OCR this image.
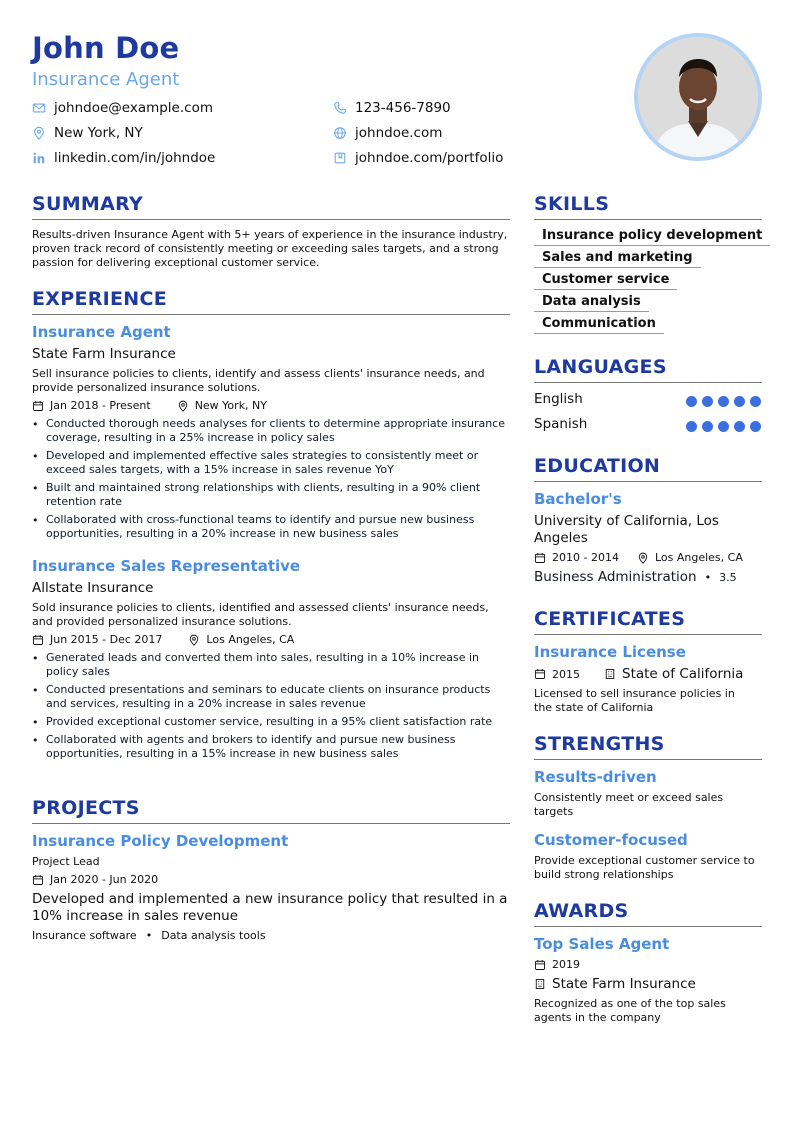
John Doe
Insurance Agent
johndoe@example.com	123-456-7890
New York, NY	johndoe.com
linkedin.com/in/johndoe	johndoe.com/portfolio
SUMMARY
Results-driven Insurance Agent with 5+ years of experience in the insurance industry, proven track record of consistently meeting or exceeding sales targets, and a strong passion for delivering exceptional customer service.
EXPERIENCE
Insurance Agent
State Farm Insurance
Sell insurance policies to clients, identify and assess clients' insurance needs, and provide personalized insurance solutions.
Jan 2018 - Present	New York, NY
• Conducted thorough needs analyses for clients to determine appropriate insurance coverage, resulting in a 25% increase in policy sales
• Developed and implemented effective sales strategies to consistently meet or exceed sales targets, with a 15% increase in sales revenue YoY
• Built and maintained strong relationships with clients, resulting in a 90% client retention rate
• Collaborated with cross-functional teams to identify and pursue new business opportunities, resulting in a 20% increase in new business sales
Insurance Sales Representative
Allstate Insurance
Sold insurance policies to clients, identified and assessed clients' insurance needs, and provided personalized insurance solutions.
Jun 2015 - Dec 2017	Los Angeles, CA
• Generated leads and converted them into sales, resulting in a 10% increase in policy sales
• Conducted presentations and seminars to educate clients on insurance products and services, resulting in a 20% increase in sales revenue
• Provided exceptional customer service, resulting in a 95% client satisfaction rate
• Collaborated with agents and brokers to identify and pursue new business opportunities, resulting in a 15% increase in new business sales
PROJECTS
Insurance Policy Development
Project Lead
Jan 2020 - Jun 2020
Developed and implemented a new insurance policy that resulted in a 10% increase in sales revenue
Insurance software • Data analysis tools
SKILLS
Insurance policy development
Sales and marketing
Customer service
Data analysis
Communication
LANGUAGES
English
Spanish
EDUCATION
Bachelor's
University of California, Los Angeles
2010 - 2014	Los Angeles, CA
Business Administration • 3.5
CERTIFICATES
Insurance License
2015	State of California
Licensed to sell insurance policies in the state of California
STRENGTHS
Results-driven
Consistently meet or exceed sales targets
Customer-focused
Provide exceptional customer service to build strong relationships
AWARDS
Top Sales Agent
2019
State Farm Insurance
Recognized as one of the top sales agents in the company
